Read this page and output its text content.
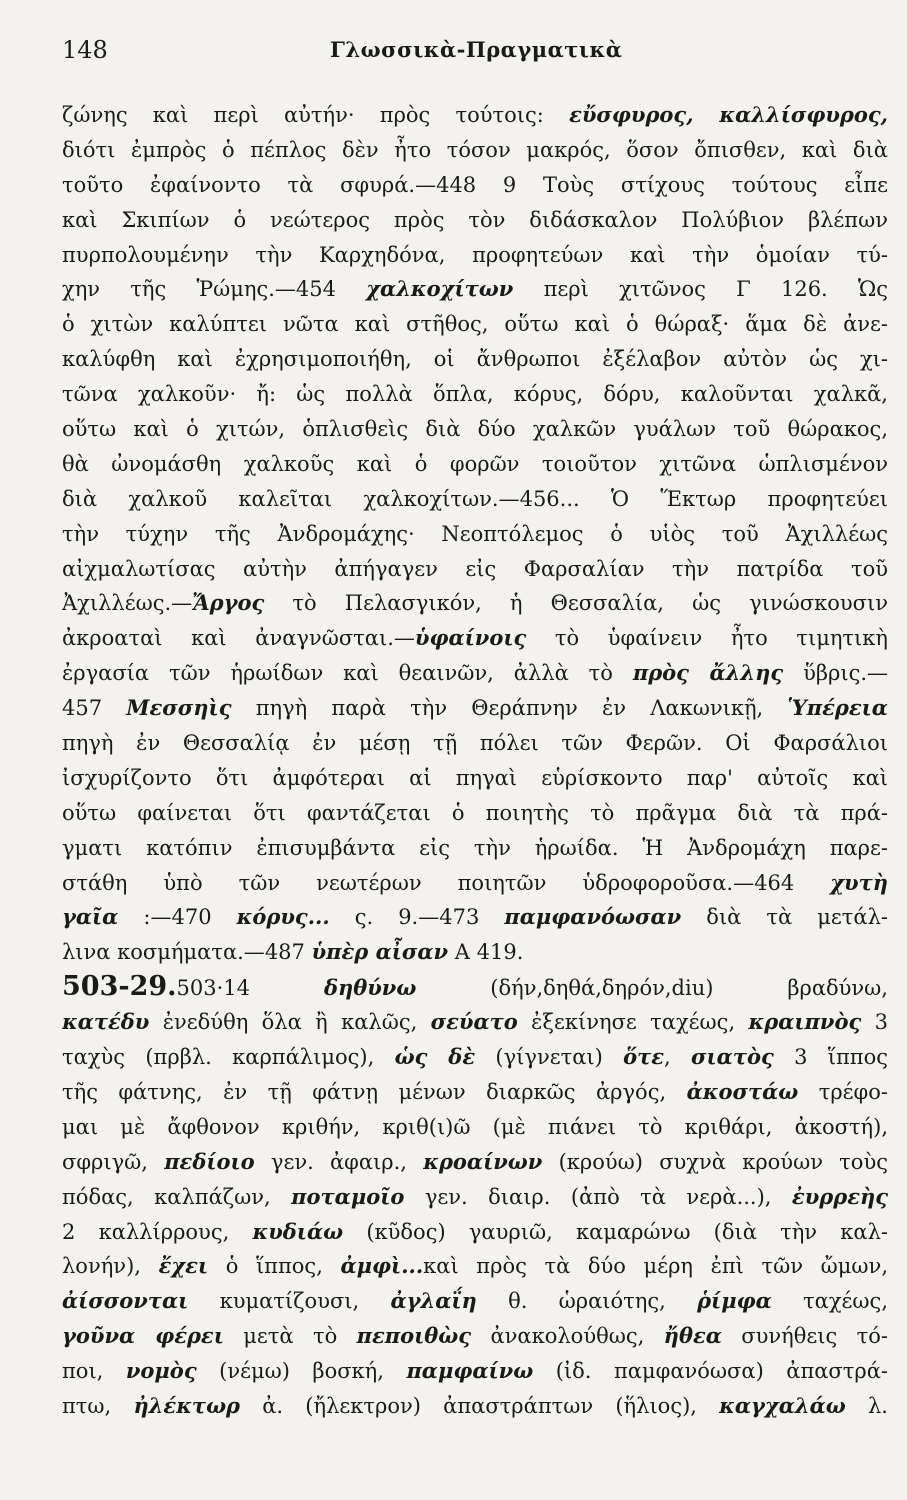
148	Γλωσσικὰ-Πραγματικὰ
ζώνης καὶ περὶ αὐτήν· πρὸς τούτοις: εὔσφυρος, καλλίσφυρος,
διότι ἐμπρὸς ὁ πέπλος δὲν ἦτο τόσον μακρός, ὅσον ὄπισθεν, καὶ διὰ
τοῦτο ἐφαίνοντο τὰ σφυρά.—448 9 Τοὺς στίχους τούτους εἶπε
καὶ Σκιπίων ὁ νεώτερος πρὸς τὸν διδάσκαλον Πολύβιον βλέπων
πυρπολουμένην τὴν Καρχηδόνα, προφητεύων καὶ τὴν ὁμοίαν τύ-
χην τῆς Ῥώμης.—454 χαλκοχίτων περὶ χιτῶνος Γ 126. Ὡς
ὁ χιτὼν καλύπτει νῶτα καὶ στῆθος, οὕτω καὶ ὁ θώραξ· ἅμα δὲ ἀνε-
καλύφθη καὶ ἐχρησιμοποιήθη, οἱ ἄνθρωποι ἐξέλαβον αὐτὸν ὡς χι-
τῶνα χαλκοῦν· ἤ: ὡς πολλὰ ὅπλα, κόρυς, δόρυ, καλοῦνται χαλκᾶ,
οὕτω καὶ ὁ χιτών, ὁπλισθεὶς διὰ δύο χαλκῶν γυάλων τοῦ θώρακος,
θὰ ὠνομάσθη χαλκοῦς καὶ ὁ φορῶν τοιοῦτον χιτῶνα ὡπλισμένον
διὰ χαλκοῦ καλεῖται χαλκοχίτων.—456... Ὁ Ἕκτωρ προφητεύει
τὴν τύχην τῆς Ἀνδρομάχης· Νεοπτόλεμος ὁ υἱὸς τοῦ Ἀχιλλέως
αἰχμαλωτίσας αὐτὴν ἀπήγαγεν εἰς Φαρσαλίαν τὴν πατρίδα τοῦ
Ἀχιλλέως.—Ἄργος τὸ Πελασγικόν, ἡ Θεσσαλία, ὡς γινώσκουσιν
ἀκροαταὶ καὶ ἀναγνῶσται.—ὑφαίνοις τὸ ὑφαίνειν ἦτο τιμητικὴ
ἐργασία τῶν ἡρωίδων καὶ θεαινῶν, ἀλλὰ τὸ πρὸς ἄλλης ὕβρις.—
457 Μεσσηὶς πηγὴ παρὰ τὴν Θεράπνην ἐν Λακωνικῇ, Ὑπέρεια
πηγὴ ἐν Θεσσαλίᾳ ἐν μέσῃ τῇ πόλει τῶν Φερῶν. Οἱ Φαρσάλιοι
ἰσχυρίζοντο ὅτι ἀμφότεραι αἱ πηγαὶ εὑρίσκοντο παρ' αὐτοῖς καὶ
οὕτω φαίνεται ὅτι φαντάζεται ὁ ποιητὴς τὸ πρᾶγμα διὰ τὰ πρά-
γματι κατόπιν ἐπισυμβάντα εἰς τὴν ἡρωίδα. Ἡ Ἀνδρομάχη παρε-
στάθη ὑπὸ τῶν νεωτέρων ποιητῶν ὑδροφοροῦσα.—464 χυτὴ
γαῖα :—470 κόρυς... ς. 9.—473 παμφανόωσαν διὰ τὰ μετάλ-
λινα κοσμήματα.—487 ὑπὲρ αἶσαν Α 419.
503-29.503·14	δηθύνω (δήν,δηθά,δηρόν,diu) βραδύνω,
κατέδυ ἐνεδύθη ὅλα ἢ καλῶς, σεύατο ἐξεκίνησε ταχέως, κραιπνὸς 3
ταχὺς (πρβλ. καρπάλιμος), ὡς δὲ (γίγνεται) ὅτε, σιατὸς 3 ἵππος
τῆς φάτνης, ἐν τῇ φάτνῃ μένων διαρκῶς ἀργός, ἀκοστάω τρέφο-
μαι μὲ ἄφθονον κριθήν, κριθ(ι)ῶ (μὲ πιάνει τὸ κριθάρι, ἀκοστή),
σφριγῶ, πεδίοιο γεν. ἀφαιρ., κροαίνων (κρούω) συχνὰ κρούων τοὺς
πόδας, καλπάζων, ποταμοῖο γεν. διαιρ. (ἀπὸ τὰ νερὰ...), ἐυρρεὴς
2 καλλίρρους, κυδιάω (κῦδος) γαυριῶ, καμαρώνω (διὰ τὴν καλ-
λονήν), ἔχει ὁ ἵππος, ἀμφὶ...καὶ πρὸς τὰ δύο μέρη ἐπὶ τῶν ὤμων,
ἀίσσονται κυματίζουσι, ἀγλαΐη θ. ὡραιότης, ῥίμφα ταχέως,
γοῦνα φέρει μετὰ τὸ πεποιθὼς ἀνακολούθως, ἤθεα συνήθεις τό-
ποι, νομὸς (νέμω) βοσκή, παμφαίνω (ἰδ. παμφανόωσα) ἀπαστρά-
πτω, ἠλέκτωρ ἀ. (ἤλεκτρον) ἀπαστράπτων (ἥλιος), καγχαλάω λ.
